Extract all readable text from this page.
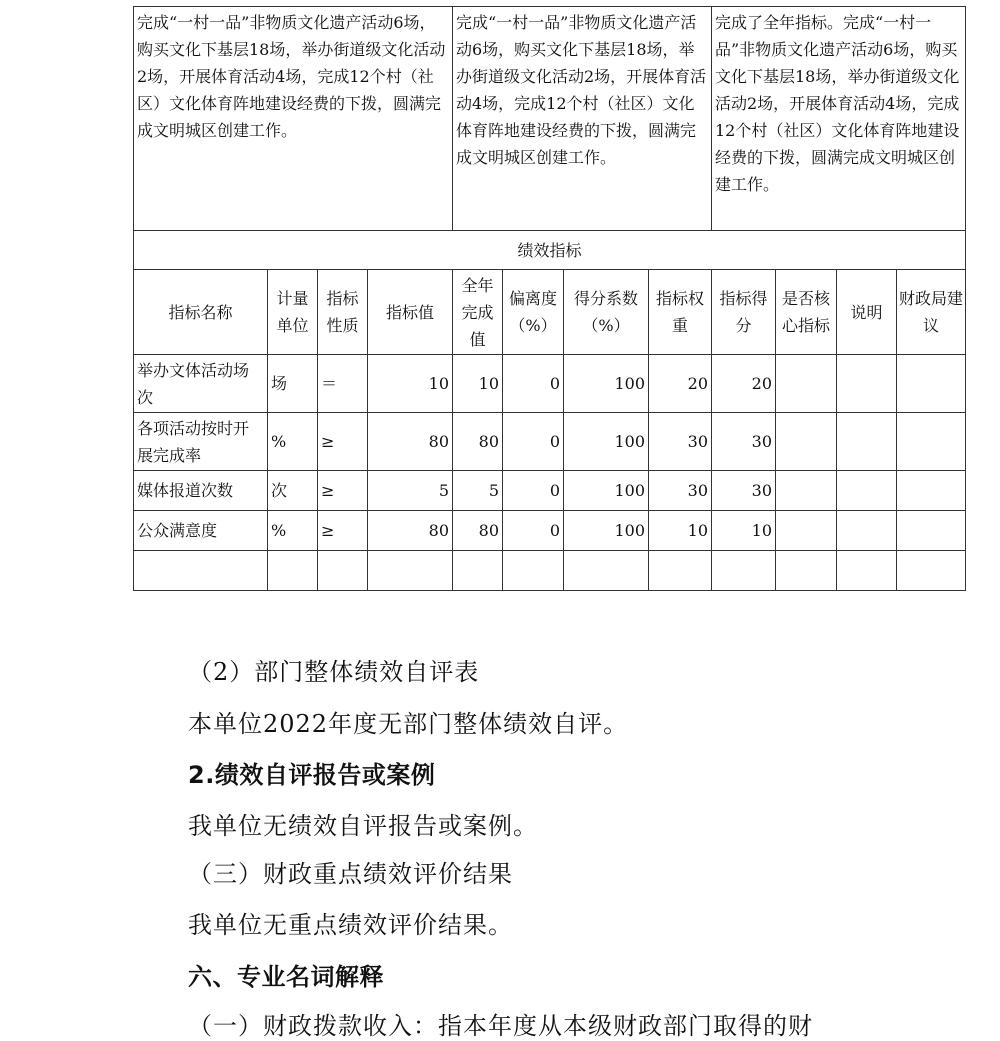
完成“一村一品”非物质文化遗产活动6场，购买文化下基层18场，举办街道级文化活动2场，开展体育活动4场，完成12个村（社区）文化体育阵地建设经费的下拨，圆满完成文明城区创建工作。				完成“一村一品”非物质文化遗产活动6场，购买文化下基层18场，举办街道级文化活动2场，开展体育活动4场，完成12个村（社区）文化体育阵地建设经费的下拨，圆满完成文明城区创建工作。				完成了全年指标。完成“一村一品”非物质文化遗产活动6场，购买文化下基层18场，举办街道级文化活动2场，开展体育活动4场，完成12个村（社区）文化体育阵地建设经费的下拨，圆满完成文明城区创建工作。			
绩效指标											
指标名称	计量单位	指标性质	指标值	全年完成值	偏离度（%）	得分系数（%）	指标权重	指标得分	是否核心指标	说明	财政局建议
举办文体活动场次	场	＝	10	10	0	100	20	20			
各项活动按时开展完成率	%	≥	80	80	0	100	30	30			
媒体报道次数	次	≥	5	5	0	100	30	30			
公众满意度	%	≥	80	80	0	100	10	10			

（2）部门整体绩效自评表

本单位2022年度无部门整体绩效自评。

2.绩效自评报告或案例

我单位无绩效自评报告或案例。

（三）财政重点绩效评价结果

我单位无重点绩效评价结果。

六、专业名词解释

（一）财政拨款收入：指本年度从本级财政部门取得的财
